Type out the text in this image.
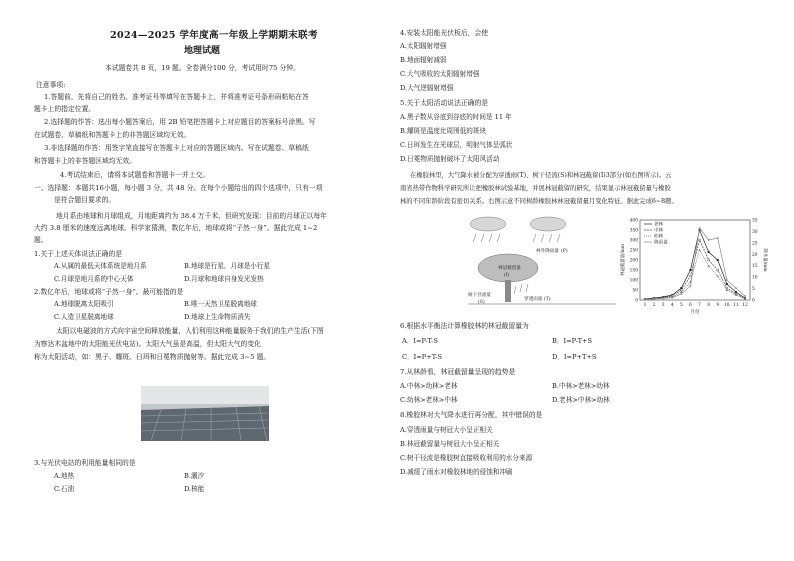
2024—2025 学年度高一年级上学期期末联考
地理试题
本试题卷共 8 页，19 题。全卷满分100 分，考试用时75 分钟。
注意事项:
1.答题前，先将自己的姓名、准考证号等填写在答题卡上，并将准考证号条形码粘贴在答
题卡上的指定位置。
2.选择题的作答：选出每小题答案后，用 2B 铅笔把答题卡上对应题目的答案标号涂黑。写
在试题卷、草稿纸和答题卡上的非答题区域均无效。
3.非选择题的作答：用签字笔直接写在答题卡上对应的答题区域内。写在试题卷、草稿纸
和答题卡上的非答题区域均无效。
4.考试结束后，请将本试题卷和答题卡一并上交。
一、选择题：本题共16小题，每小题 3 分，共 48 分。在每个小题给出的四个选项中，只有一项
是符合题目要求的。
地月系由地球和月球组成，月地距离约为 38.4 万千米，但研究发现：目前的月球正以每年
大约 3.8 厘米的速度远离地球。科学家猜测，数亿年后，地球或将“子然一身”。据此完成 1~2
题。
1.关于上述天体说法正确的是
A.从属的最低天体系统是地月系	B.地球是行星，月球是小行星
C.月球是地月系的中心天体	D.月球和地球自身发光发热
2.数亿年后，地球或将“子然一身”。最可能指的是
A.地球脱离太阳吸引	B.唯一天然卫星脱离地球
C.人造卫星脱离地球	D.地球上生命物质消失
太阳以电磁波的方式向宇宙空间释放能量，人们利用这种能量服务于我们的生产生活(下图
为察达木盆地中的太阳能光伏电站)。太阳大气虽是高温，但太阳大气的变化
称为太阳活动，如：黑子、耀斑、日珥和日冕物质抛射等。据此完成 3~5 题。
3.与光伏电站的利用能量相同的是
A.地热	B.潮汐
C.石油	D.核能
4.安装太阳能光伏板后，会使
A.太阳辐射增强
B.地面辐射减弱
C.大气吸收的太阳辐射增强
D.大气逆辐射增强
5.关于太阳活动说法正确的是
A.黑子数从谷底到谷底的时间是 11 年
B.耀斑是温度比周围低的斑块
C.日珥发生在光球层，明射气体呈弧状
D.日冕物质抛射破坏了太阳风活动
在橡胶林里，大气降水被分配为穿透雨(T)、树干径流(S)和林冠截留(I)3部分(如右图所示)。云
南省热带作物科学研究所让把橡胶林试验基地，并展林冠截留的研究，结果显示林冠截留量与橡胶
林的不同年龄阶段有密切关系。右图示意不同树龄橡胶林林冠截留量月变化特征。据此完成6~8题。
6.根据水平衡法计算橡胶林的林冠截留量为
A．I=P-T-S	B．I=P-T+S
C．I=P+T-S	D．I=P+T+S
7.从林龄看，林冠截留量呈现的趋势是
A.中林>幼林>老林	B.中林>老林>幼林
C.幼林>老林>中林	D.老林>中林>幼林
8.橡胶林对大气降水进行再分配，其中错误的是
A.穿透雨量与树冠大小呈正相关
B.林冠截留量与树冠大小呈正相关
C.树干径流是橡胶树直接吸收利用的水分来源
D.减缓了雨水对橡胶林地的侵蚀和冲刷
林冠截留量
(I)
林外降雨量 (P)
树干径流量
(S)
穿透雨量 (T)	0
50
100
150
200
250
300
350
400
0
5
10
15
20
25
30
35
1 2 3 4 5 6 7 8 9 10 11 12
月份
林冠截留量/mm	降水量/mm
老林
中林
幼林
降雨量
